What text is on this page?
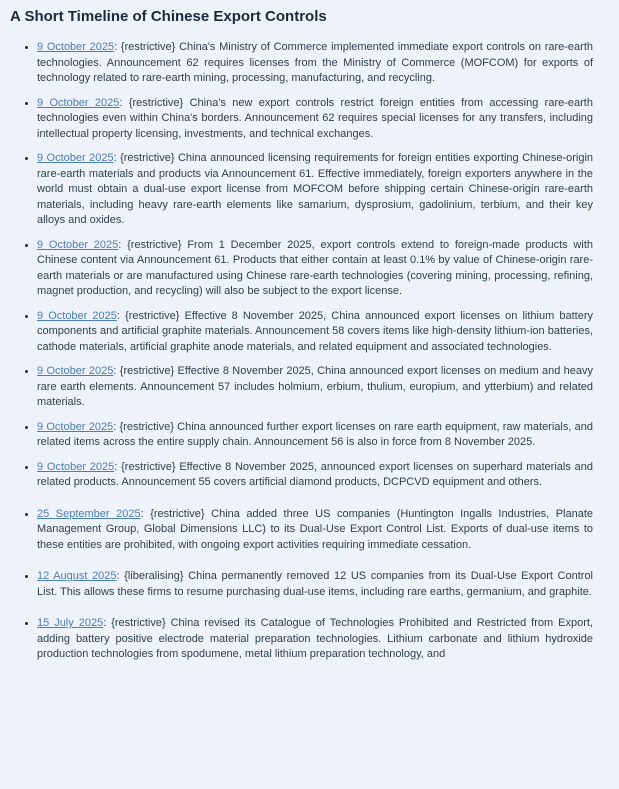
A Short Timeline of Chinese Export Controls
• 9 October 2025: {restrictive} China's Ministry of Commerce implemented immediate export controls on rare-earth technologies. Announcement 62 requires licenses from the Ministry of Commerce (MOFCOM) for exports of technology related to rare-earth mining, processing, manufacturing, and recycling.
• 9 October 2025: {restrictive} China's new export controls restrict foreign entities from accessing rare-earth technologies even within China's borders. Announcement 62 requires special licenses for any transfers, including intellectual property licensing, investments, and technical exchanges.
• 9 October 2025: {restrictive} China announced licensing requirements for foreign entities exporting Chinese-origin rare-earth materials and products via Announcement 61. Effective immediately, foreign exporters anywhere in the world must obtain a dual-use export license from MOFCOM before shipping certain Chinese-origin rare-earth materials, including heavy rare-earth elements like samarium, dysprosium, gadolinium, terbium, and their key alloys and oxides.
• 9 October 2025: {restrictive} From 1 December 2025, export controls extend to foreign-made products with Chinese content via Announcement 61. Products that either contain at least 0.1% by value of Chinese-origin rare-earth materials or are manufactured using Chinese rare-earth technologies (covering mining, processing, refining, magnet production, and recycling) will also be subject to the export license.
• 9 October 2025: {restrictive} Effective 8 November 2025, China announced export licenses on lithium battery components and artificial graphite materials. Announcement 58 covers items like high-density lithium-ion batteries, cathode materials, artificial graphite anode materials, and related equipment and associated technologies.
• 9 October 2025: {restrictive} Effective 8 November 2025, China announced export licenses on medium and heavy rare earth elements. Announcement 57 includes holmium, erbium, thulium, europium, and ytterbium) and related materials.
• 9 October 2025: {restrictive} China announced further export licenses on rare earth equipment, raw materials, and related items across the entire supply chain. Announcement 56 is also in force from 8 November 2025.
• 9 October 2025: {restrictive} Effective 8 November 2025, announced export licenses on superhard materials and related products. Announcement 55 covers artificial diamond products, DCPCVD equipment and others.
• 25 September 2025: {restrictive} China added three US companies (Huntington Ingalls Industries, Planate Management Group, Global Dimensions LLC) to its Dual-Use Export Control List. Exports of dual-use items to these entities are prohibited, with ongoing export activities requiring immediate cessation.
• 12 August 2025: {liberalising} China permanently removed 12 US companies from its Dual-Use Export Control List. This allows these firms to resume purchasing dual-use items, including rare earths, germanium, and graphite.
• 15 July 2025: {restrictive} China revised its Catalogue of Technologies Prohibited and Restricted from Export, adding battery positive electrode material preparation technologies. Lithium carbonate and lithium hydroxide production technologies from spodumene, metal lithium preparation technology, and
